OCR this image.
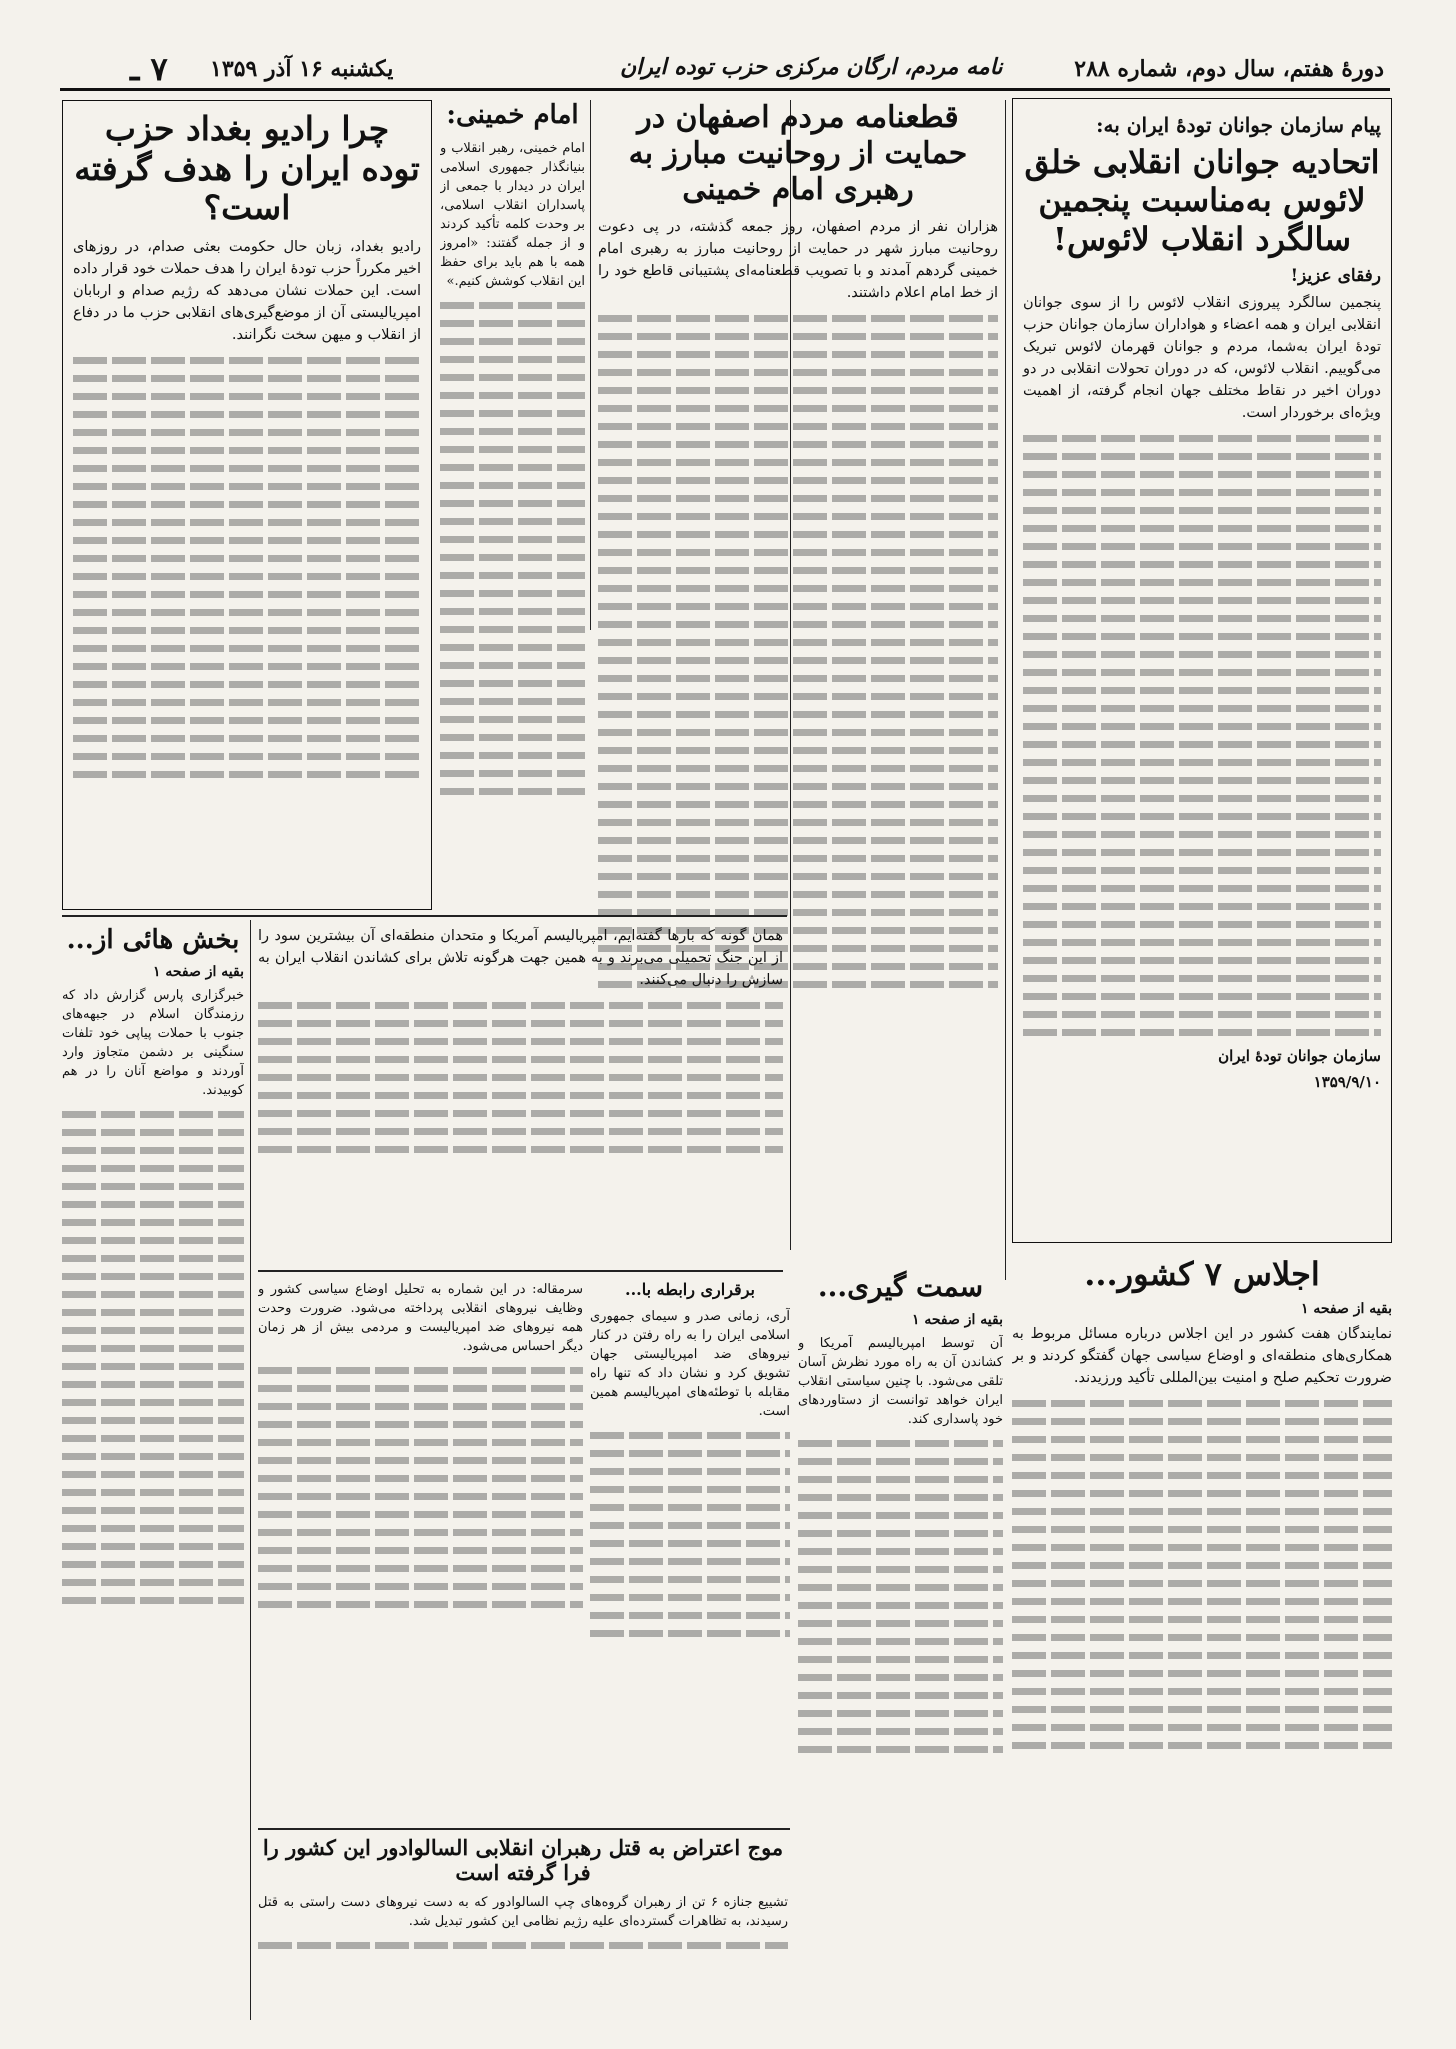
دورهٔ هفتم، سال دوم، شماره ۲۸۸
نامه مردم، ارگان مرکزی حزب توده ایران
یکشنبه ۱۶ آذر ۱۳۵۹
۷ ـ
پیام سازمان جوانان تودهٔ ایران به:
اتحادیه جوانان انقلابی خلق لائوس به‌مناسبت پنجمین سالگرد انقلاب لائوس!
رفقای عزیز!
پنجمین سالگرد پیروزی انقلاب لائوس را از سوی جوانان انقلابی ایران و همه اعضاء و هواداران سازمان جوانان حزب تودهٔ ایران به‌شما، مردم و جوانان قهرمان لائوس تبریک می‌گوییم. انقلاب لائوس، که در دوران تحولات انقلابی در دو دوران اخیر در نقاط مختلف جهان انجام گرفته، از اهمیت ویژه‌ای برخوردار است.
سازمان جوانان تودهٔ ایران
۱۳۵۹/۹/۱۰
قطعنامه مردم اصفهان در حمایت از روحانیت مبارز به رهبری امام خمینی
هزاران نفر از مردم اصفهان، روز جمعه گذشته، در پی دعوت روحانیت مبارز شهر در حمایت از روحانیت مبارز به رهبری امام خمینی گردهم آمدند و با تصویب قطعنامه‌ای پشتیبانی قاطع خود را از خط امام اعلام داشتند.
امام خمینی:
امام خمینی، رهبر انقلاب و بنیانگذار جمهوری اسلامی ایران در دیدار با جمعی از پاسداران انقلاب اسلامی، بر وحدت کلمه تأکید کردند و از جمله گفتند: «امروز همه با هم باید برای حفظ این انقلاب کوشش کنیم.»
چرا رادیو بغداد حزب توده ایران را هدف گرفته است؟
رادیو بغداد، زبان حال حکومت بعثی صدام، در روزهای اخیر مکرراً حزب تودهٔ ایران را هدف حملات خود قرار داده است. این حملات نشان می‌دهد که رژیم صدام و اربابان امپریالیستی آن از موضع‌گیری‌های انقلابی حزب ما در دفاع از انقلاب و میهن سخت نگرانند.
بخش هائی از...
بقیه از صفحه ۱
خبرگزاری پارس گزارش داد که رزمندگان اسلام در جبهه‌های جنوب با حملات پیاپی خود تلفات سنگینی بر دشمن متجاوز وارد آوردند و مواضع آنان را در هم کوبیدند.
همان گونه که بارها گفته‌ایم، امپریالیسم آمریکا و متحدان منطقه‌ای آن بیشترین سود را از این جنگ تحمیلی می‌برند و به همین جهت هرگونه تلاش برای کشاندن انقلاب ایران به سازش را دنبال می‌کنند.
اجلاس ۷ کشور...
بقیه از صفحه ۱
نمایندگان هفت کشور در این اجلاس درباره مسائل مربوط به همکاری‌های منطقه‌ای و اوضاع سیاسی جهان گفتگو کردند و بر ضرورت تحکیم صلح و امنیت بین‌المللی تأکید ورزیدند.
سمت گیری...
بقیه از صفحه ۱
آن توسط امپریالیسم آمریکا و کشاندن آن به راه مورد نظرش آسان تلقی می‌شود. با چنین سیاستی انقلاب ایران خواهد توانست از دستاوردهای خود پاسداری کند.
برقراری رابطه با...
آری، زمانی صدر و سیمای جمهوری اسلامی ایران را به راه رفتن در کنار نیروهای ضد امپریالیستی جهان تشویق کرد و نشان داد که تنها راه مقابله با توطئه‌های امپریالیسم همین است.
سرمقاله: در این شماره به تحلیل اوضاع سیاسی کشور و وظایف نیروهای انقلابی پرداخته می‌شود. ضرورت وحدت همه نیروهای ضد امپریالیست و مردمی بیش از هر زمان دیگر احساس می‌شود.
موج اعتراض به قتل رهبران انقلابی السالوادور این کشور را فرا گرفته است
تشییع جنازه ۶ تن از رهبران گروه‌های چپ السالوادور که به دست نیروهای دست راستی به قتل رسیدند، به تظاهرات گسترده‌ای علیه رژیم نظامی این کشور تبدیل شد.
